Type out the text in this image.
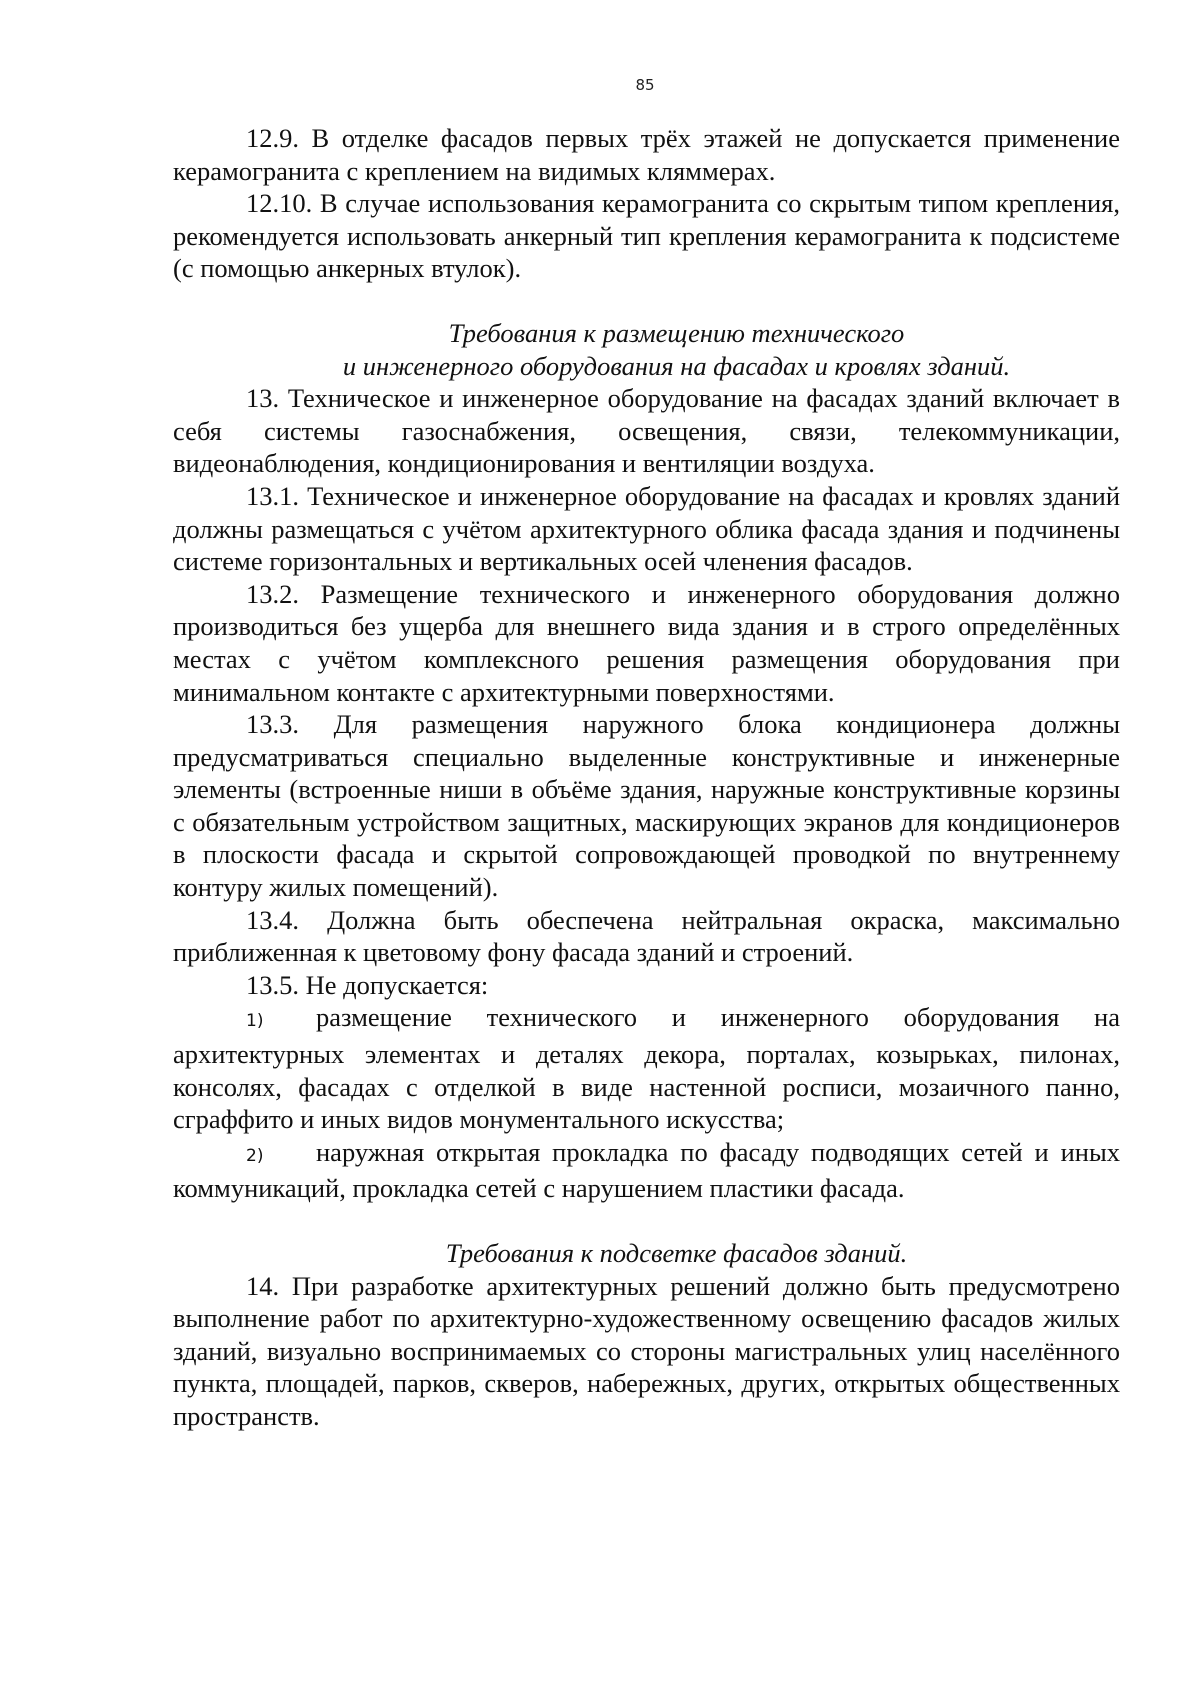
85

12.9. В отделке фасадов первых трёх этажей не допускается применение керамогранита с креплением на видимых кляммерах.

12.10. В случае использования керамогранита со скрытым типом крепления, рекомендуется использовать анкерный тип крепления керамогранита к подсистеме (с помощью анкерных втулок).

Требования к размещению технического

и инженерного оборудования на фасадах и кровлях зданий.

13. Техническое и инженерное оборудование на фасадах зданий включает в себя системы газоснабжения, освещения, связи, телекоммуникации, видеонаблюдения, кондиционирования и вентиляции воздуха.

13.1. Техническое и инженерное оборудование на фасадах и кровлях зданий должны размещаться с учётом архитектурного облика фасада здания и подчинены системе горизонтальных и вертикальных осей членения фасадов.

13.2. Размещение технического и инженерного оборудования должно производиться без ущерба для внешнего вида здания и в строго определённых местах с учётом комплексного решения размещения оборудования при минимальном контакте с архитектурными поверхностями.

13.3. Для размещения наружного блока кондиционера должны предусматриваться специально выделенные конструктивные и инженерные элементы (встроенные ниши в объёме здания, наружные конструктивные корзины с обязательным устройством защитных, маскирующих экранов для кондиционеров в плоскости фасада и скрытой сопровождающей проводкой по внутреннему контуру жилых помещений).

13.4. Должна быть обеспечена нейтральная окраска, максимально приближенная к цветовому фону фасада зданий и строений.

13.5. Не допускается:

1) размещение технического и инженерного оборудования на архитектурных элементах и деталях декора, порталах, козырьках, пилонах, консолях, фасадах с отделкой в виде настенной росписи, мозаичного панно, сграффито и иных видов монументального искусства;

2) наружная открытая прокладка по фасаду подводящих сетей и иных коммуникаций, прокладка сетей с нарушением пластики фасада.

Требования к подсветке фасадов зданий.

14. При разработке архитектурных решений должно быть предусмотрено выполнение работ по архитектурно-художественному освещению фасадов жилых зданий, визуально воспринимаемых со стороны магистральных улиц населённого пункта, площадей, парков, скверов, набережных, других, открытых общественных пространств.
